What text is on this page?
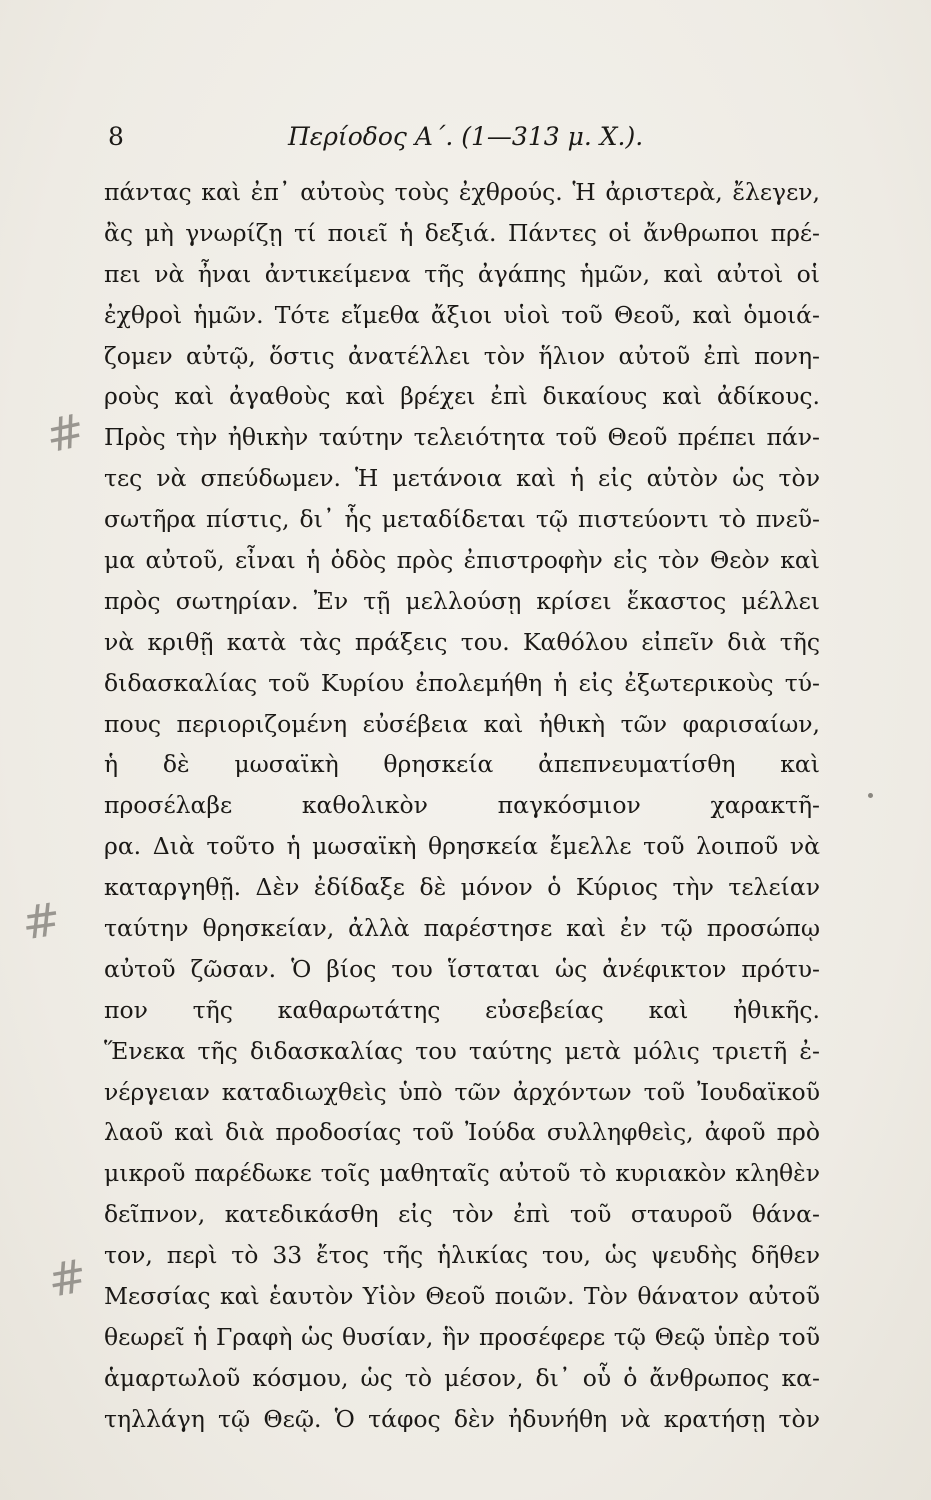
8	Περίοδος Α΄. (1—313 μ. Χ.).
πάντας καὶ ἐπ᾽ αὐτοὺς τοὺς ἐχθρούς. Ἡ ἀριστερὰ, ἔλεγεν,
ἂς μὴ γνωρίζῃ τί ποιεῖ ἡ δεξιά. Πάντες οἱ ἄνθρωποι πρέ-
πει νὰ ἦναι ἀντικείμενα τῆς ἀγάπης ἡμῶν, καὶ αὐτοὶ οἱ
ἐχθροὶ ἡμῶν. Τότε εἴμεθα ἄξιοι υἱοὶ τοῦ Θεοῦ, καὶ ὁμοιά-
ζομεν αὐτῷ, ὅστις ἀνατέλλει τὸν ἥλιον αὐτοῦ ἐπὶ πονη-
ροὺς καὶ ἀγαθοὺς καὶ βρέχει ἐπὶ δικαίους καὶ ἀδίκους.
Πρὸς τὴν ἠθικὴν ταύτην τελειότητα τοῦ Θεοῦ πρέπει πάν-
τες νὰ σπεύδωμεν. Ἡ μετάνοια καὶ ἡ εἰς αὐτὸν ὡς τὸν
σωτῆρα πίστις, δι᾽ ἧς μεταδίδεται τῷ πιστεύοντι τὸ πνεῦ-
μα αὐτοῦ, εἶναι ἡ ὁδὸς πρὸς ἐπιστροφὴν εἰς τὸν Θεὸν καὶ
πρὸς σωτηρίαν. Ἐν τῇ μελλούσῃ κρίσει ἕκαστος μέλλει
νὰ κριθῇ κατὰ τὰς πράξεις του. Καθόλου εἰπεῖν διὰ τῆς
διδασκαλίας τοῦ Κυρίου ἐπολεμήθη ἡ εἰς ἐξωτερικοὺς τύ-
πους περιοριζομένη εὐσέβεια καὶ ἠθικὴ τῶν φαρισαίων,
ἡ δὲ μωσαϊκὴ θρησκεία ἀπεπνευματίσθη καὶ
προσέλαβε καθολικὸν παγκόσμιον χαρακτῆ-
ρα. Διὰ τοῦτο ἡ μωσαϊκὴ θρησκεία ἔμελλε τοῦ λοιποῦ νὰ
καταργηθῇ. Δὲν ἐδίδαξε δὲ μόνον ὁ Κύριος τὴν τελείαν
ταύτην θρησκείαν, ἀλλὰ παρέστησε καὶ ἐν τῷ προσώπῳ
αὐτοῦ ζῶσαν. Ὁ βίος του ἵσταται ὡς ἀνέφικτον πρότυ-
πον τῆς καθαρωτάτης εὐσεβείας καὶ ἠθικῆς.
Ἕνεκα τῆς διδασκαλίας του ταύτης μετὰ μόλις τριετῆ ἐ-
νέργειαν καταδιωχθεὶς ὑπὸ τῶν ἀρχόντων τοῦ Ἰουδαϊκοῦ
λαοῦ καὶ διὰ προδοσίας τοῦ Ἰούδα συλληφθεὶς, ἀφοῦ πρὸ
μικροῦ παρέδωκε τοῖς μαθηταῖς αὐτοῦ τὸ κυριακὸν κληθὲν
δεῖπνον, κατεδικάσθη εἰς τὸν ἐπὶ τοῦ σταυροῦ θάνα-
τον, περὶ τὸ 33 ἔτος τῆς ἡλικίας του, ὡς ψευδὴς δῆθεν
Μεσσίας καὶ ἑαυτὸν Υἱὸν Θεοῦ ποιῶν. Τὸν θάνατον αὐτοῦ
θεωρεῖ ἡ Γραφὴ ὡς θυσίαν, ἣν προσέφερε τῷ Θεῷ ὑπὲρ τοῦ
ἁμαρτωλοῦ κόσμου, ὡς τὸ μέσον, δι᾽ οὗ ὁ ἄνθρωπος κα-
τηλλάγη τῷ Θεῷ. Ὁ τάφος δὲν ἠδυνήθη νὰ κρατήσῃ τὸν
#
#
#
